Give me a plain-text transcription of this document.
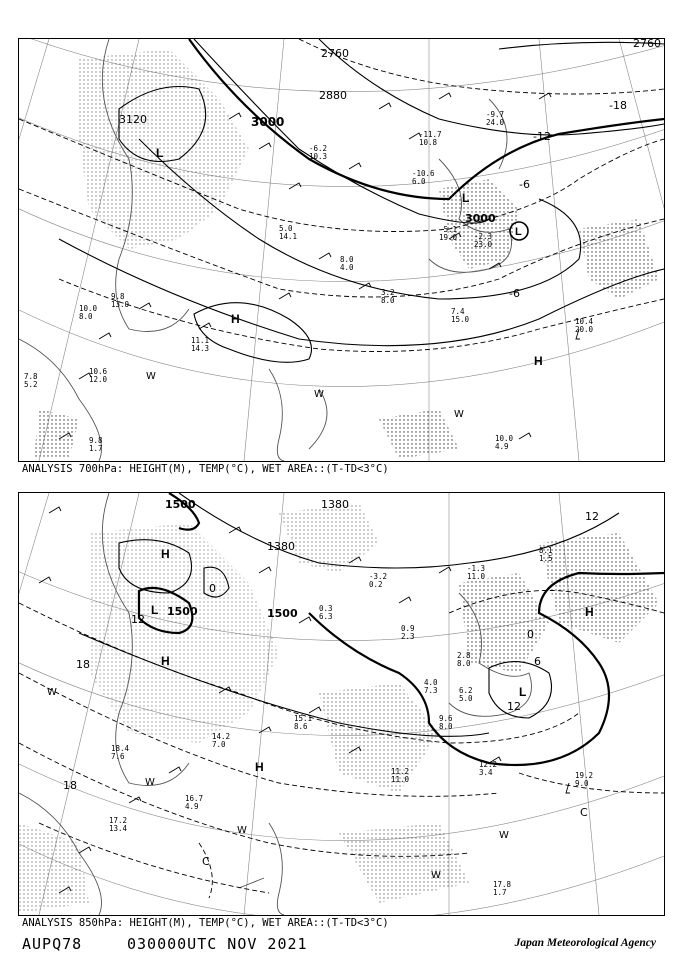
3120	3000
2880
2760
2760
3000
-18
-12
-6
-6
L
L
L
H
H
W
W
W
10.4
20.0
10.0
4.9
7.4
15.0
11.1
14.3
10.6
12.0
10.0
8.0
9.8
13.0
9.8
1.7
7.8
5.2
-2.3
23.0
-5.1
19.0
-10.6
6.0
-9.7
24.0
-11.7
10.8
-6.2
10.3
5.0
14.1
3.2
8.0
8.0
4.0
ANALYSIS 700hPa: HEIGHT(M), TEMP(°C), WET AREA::(T-TD<3°C)
1500
1500	1500
1380
1380
12
12
12
18
18
6
0
0
L
L
H
H
H
H
W
W
W
W
W
C
C
19.2
9.0
12.2
3.4
11.2
11.0
9.6
8.0
6.2
5.0
4.0
7.3
17.8
1.7
16.7
4.9
14.2
7.0
18.4
7.6
17.2
13.4
15.1
8.6
8.1
1.5
0.3
6.3
-1.3
11.0
0.9
2.3
-3.2
0.2
2.8
8.0
ANALYSIS 850hPa: HEIGHT(M), TEMP(°C), WET AREA::(T-TD<3°C)
AUPQ78	030000UTC NOV 2021	Japan Meteorological Agency
